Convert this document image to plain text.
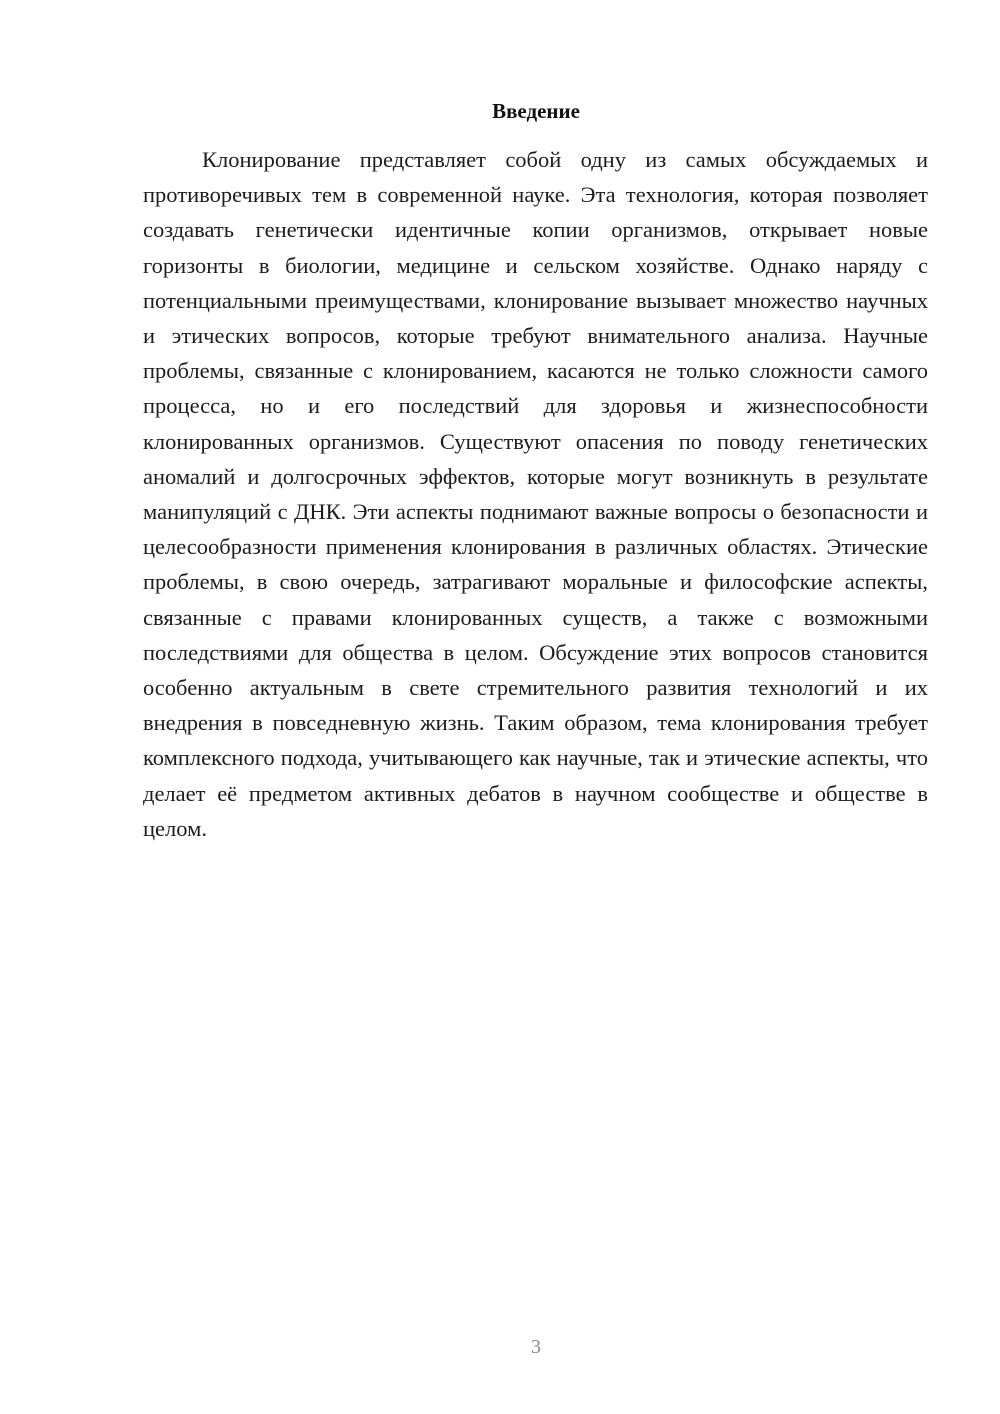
Введение

Клонирование представляет собой одну из самых обсуждаемых и противоречивых тем в современной науке. Эта технология, которая позволяет создавать генетически идентичные копии организмов, открывает новые горизонты в биологии, медицине и сельском хозяйстве. Однако наряду с потенциальными преимуществами, клонирование вызывает множество научных и этических вопросов, которые требуют внимательного анализа. Научные проблемы, связанные с клонированием, касаются не только сложности самого процесса, но и его последствий для здоровья и жизнеспособности клонированных организмов. Существуют опасения по поводу генетических аномалий и долгосрочных эффектов, которые могут возникнуть в результате манипуляций с ДНК. Эти аспекты поднимают важные вопросы о безопасности и целесообразности применения клонирования в различных областях. Этические проблемы, в свою очередь, затрагивают моральные и философские аспекты, связанные с правами клонированных существ, а также с возможными последствиями для общества в целом. Обсуждение этих вопросов становится особенно актуальным в свете стремительного развития технологий и их внедрения в повседневную жизнь. Таким образом, тема клонирования требует комплексного подхода, учитывающего как научные, так и этические аспекты, что делает её предметом активных дебатов в научном сообществе и обществе в целом.

3
